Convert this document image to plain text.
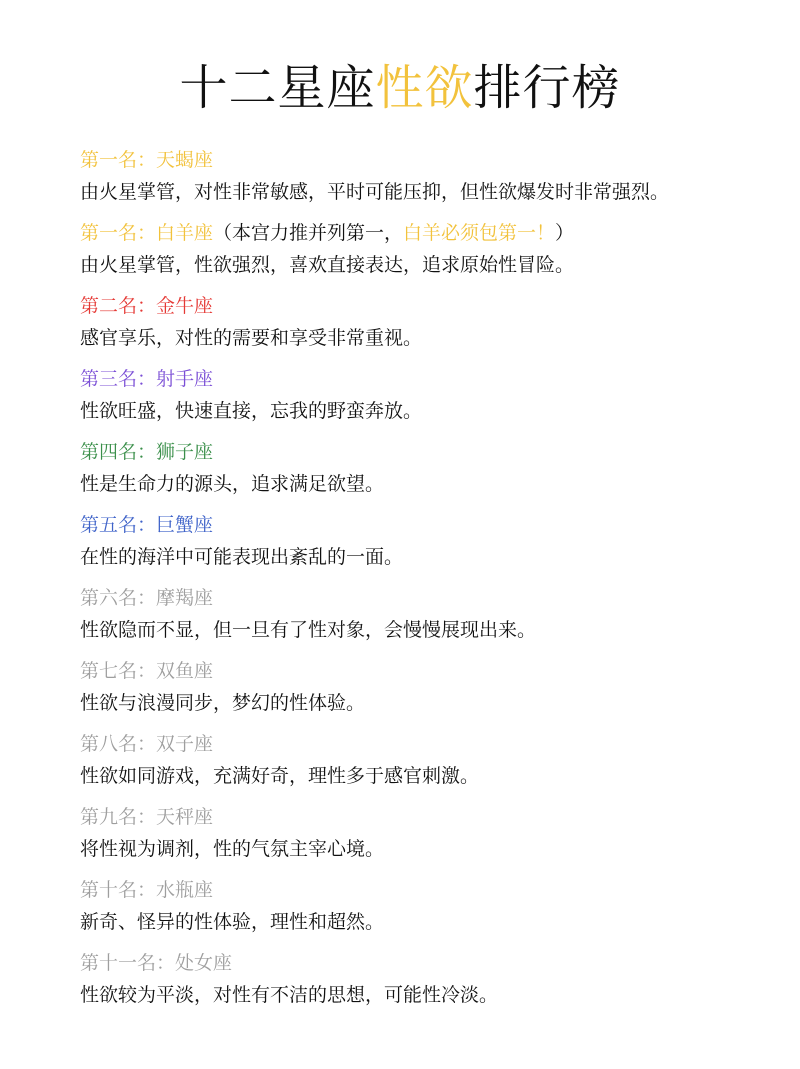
十二星座性欲排行榜
第一名：天蝎座
由火星掌管，对性非常敏感，平时可能压抑，但性欲爆发时非常强烈。
第一名：白羊座（本宫力推并列第一，白羊必须包第一！）
由火星掌管，性欲强烈，喜欢直接表达，追求原始性冒险。
第二名：金牛座
感官享乐，对性的需要和享受非常重视。
第三名：射手座
性欲旺盛，快速直接，忘我的野蛮奔放。
第四名：狮子座
性是生命力的源头，追求满足欲望。
第五名：巨蟹座
在性的海洋中可能表现出紊乱的一面。
第六名：摩羯座
性欲隐而不显，但一旦有了性对象，会慢慢展现出来。
第七名：双鱼座
性欲与浪漫同步，梦幻的性体验。
第八名：双子座
性欲如同游戏，充满好奇，理性多于感官刺激。
第九名：天秤座
将性视为调剂，性的气氛主宰心境。
第十名：水瓶座
新奇、怪异的性体验，理性和超然。
第十一名：处女座
性欲较为平淡，对性有不洁的思想，可能性冷淡。
